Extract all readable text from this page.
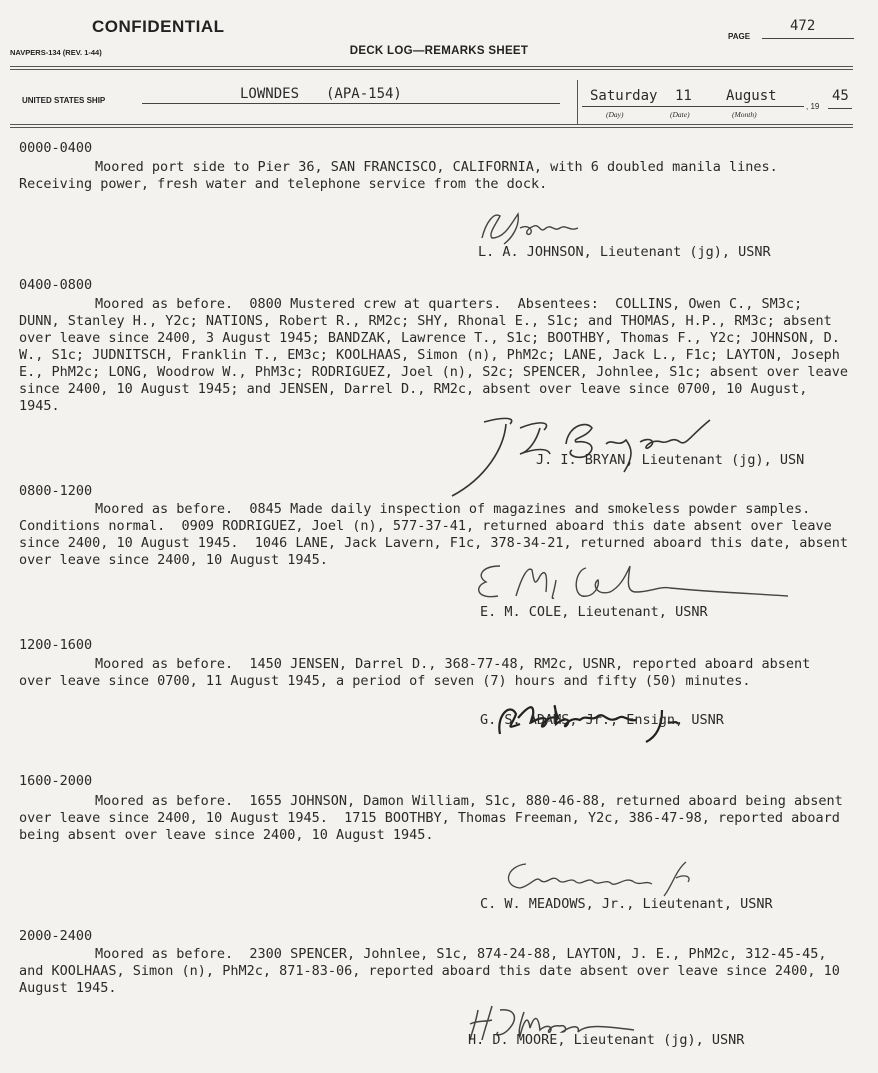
CONFIDENTIAL
NAVPERS-134 (REV. 1-44)	DECK LOG—REMARKS SHEET
PAGE
472
UNITED STATES SHIP	LOWNDES (APA-154)	Saturday 11 August
(Day)	(Date)	(Month)
, 19
45
0000-0400
Moored port side to Pier 36, SAN FRANCISCO, CALIFORNIA, with 6 doubled manila lines. Receiving power, fresh water and telephone service from the dock.
L. A. JOHNSON, Lieutenant (jg), USNR
0400-0800
Moored as before.  0800 Mustered crew at quarters.  Absentees:  COLLINS, Owen C., SM3c; DUNN, Stanley H., Y2c; NATIONS, Robert R., RM2c; SHY, Rhonal E., S1c; and THOMAS, H.P., RM3c; absent over leave since 2400, 3 August 1945; BANDZAK, Lawrence T., S1c; BOOTHBY, Thomas F., Y2c; JOHNSON, D. W., S1c; JUDNITSCH, Franklin T., EM3c; KOOLHAAS, Simon (n), PhM2c; LANE, Jack L., F1c; LAYTON, Joseph E., PhM2c; LONG, Woodrow W., PhM3c; RODRIGUEZ, Joel (n), S2c; SPENCER, Johnlee, S1c; absent over leave since 2400, 10 August 1945; and JENSEN, Darrel D., RM2c, absent over leave since 0700, 10 August, 1945.
J. I. BRYAN, Lieutenant (jg), USN
0800-1200
Moored as before.  0845 Made daily inspection of magazines and smokeless powder samples. Conditions normal.  0909 RODRIGUEZ, Joel (n), 577-37-41, returned aboard this date absent over leave since 2400, 10 August 1945.  1046 LANE, Jack Lavern, F1c, 378-34-21, returned aboard this date, absent over leave since 2400, 10 August 1945.
E. M. COLE, Lieutenant, USNR
1200-1600
Moored as before.  1450 JENSEN, Darrel D., 368-77-48, RM2c, USNR, reported aboard absent over leave since 0700, 11 August 1945, a period of seven (7) hours and fifty (50) minutes.
G. S. ADAMS, Jr., Ensign, USNR
1600-2000
Moored as before.  1655 JOHNSON, Damon William, S1c, 880-46-88, returned aboard being absent over leave since 2400, 10 August 1945.  1715 BOOTHBY, Thomas Freeman, Y2c, 386-47-98, reported aboard being absent over leave since 2400, 10 August 1945.
C. W. MEADOWS, Jr., Lieutenant, USNR
2000-2400
Moored as before.  2300 SPENCER, Johnlee, S1c, 874-24-88, LAYTON, J. E., PhM2c, 312-45-45, and KOOLHAAS, Simon (n), PhM2c, 871-83-06, reported aboard this date absent over leave since 2400, 10 August 1945.
H. D. MOORE, Lieutenant (jg), USNR
